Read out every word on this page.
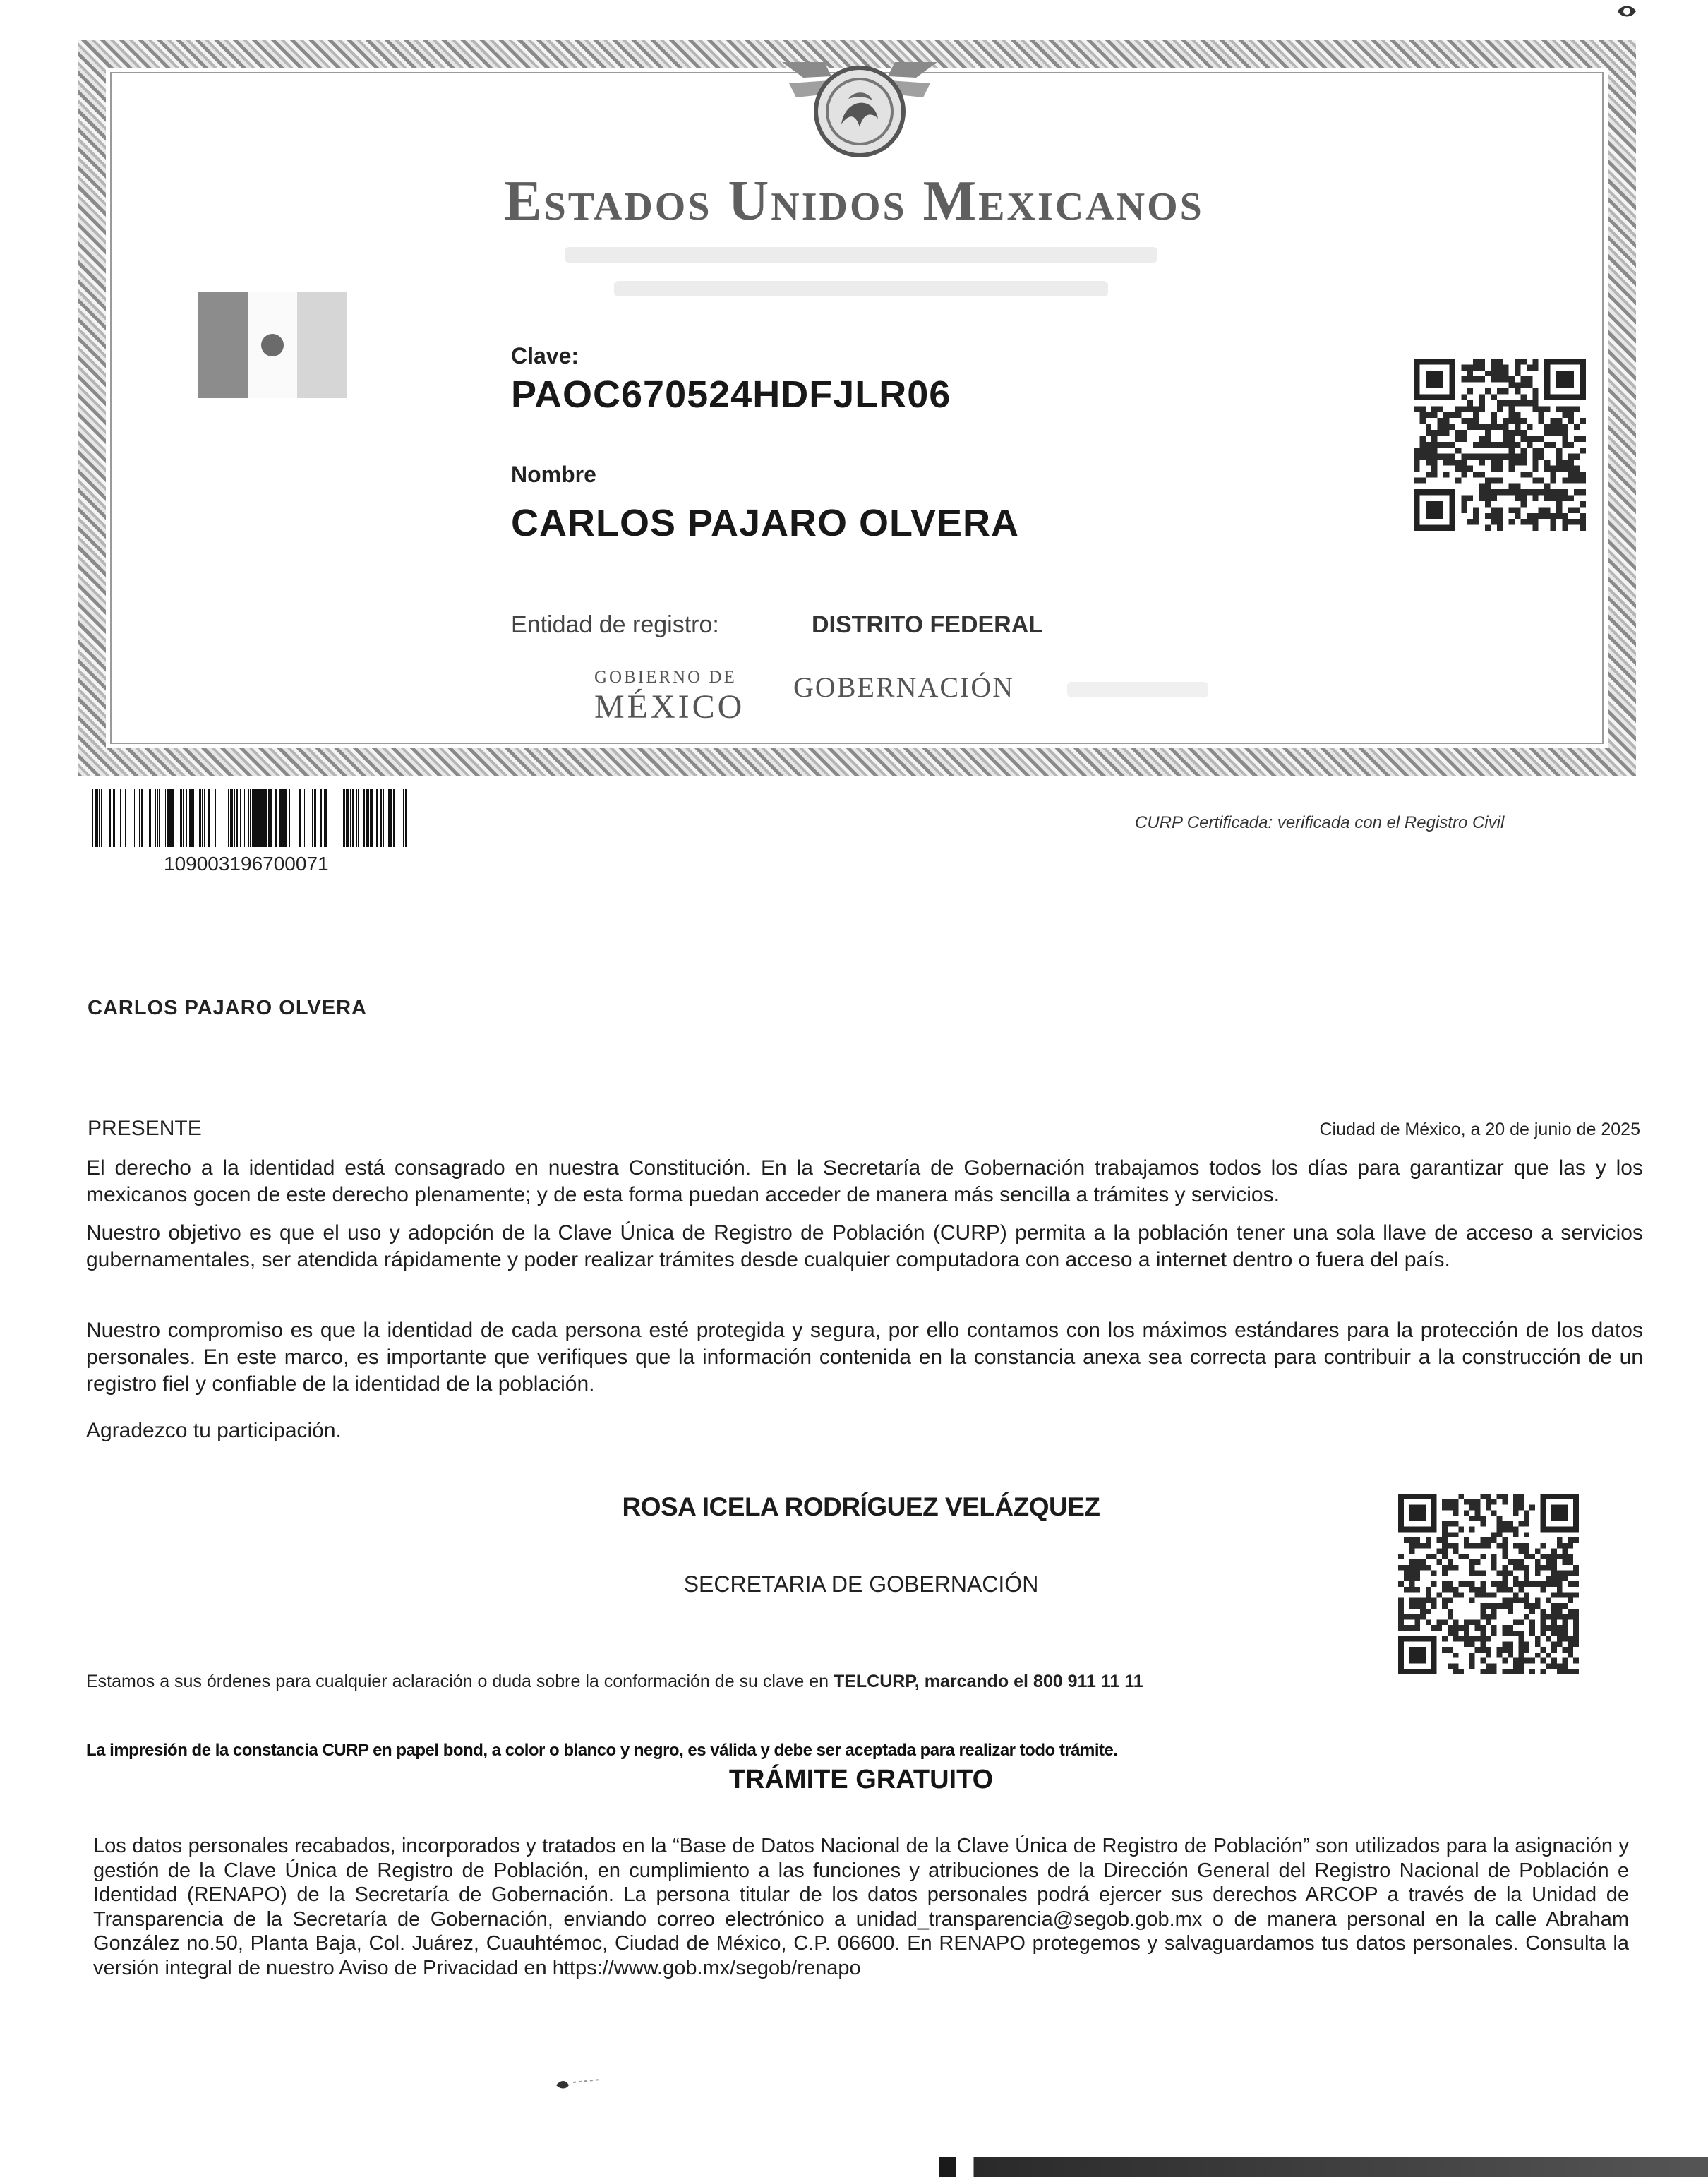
Estados Unidos Mexicanos
Clave:
PAOC670524HDFJLR06
Nombre
CARLOS PAJARO OLVERA
Entidad de registro:	DISTRITO FEDERAL
GOBIERNO DE
MÉXICO
GOBERNACIÓN
109003196700071
CURP Certificada: verificada con el Registro Civil
CARLOS PAJARO OLVERA
PRESENTE	Ciudad de México, a 20 de junio de 2025
El derecho a la identidad está consagrado en nuestra Constitución. En la Secretaría de Gobernación trabajamos todos los días para garantizar que las y los mexicanos gocen de este derecho plenamente; y de esta forma puedan acceder de manera más sencilla a trámites y servicios.
Nuestro objetivo es que el uso y adopción de la Clave Única de Registro de Población (CURP) permita a la población tener una sola llave de acceso a servicios gubernamentales, ser atendida rápidamente y poder realizar trámites desde cualquier computadora con acceso a internet dentro o fuera del país.
Nuestro compromiso es que la identidad de cada persona esté protegida y segura, por ello contamos con los máximos estándares para la protección de los datos personales. En este marco, es importante que verifiques que la información contenida en la constancia anexa sea correcta para contribuir a la construcción de un registro fiel y confiable de la identidad de la población.
Agradezco tu participación.
ROSA ICELA RODRÍGUEZ VELÁZQUEZ
SECRETARIA DE GOBERNACIÓN
Estamos a sus órdenes para cualquier aclaración o duda sobre la conformación de su clave en TELCURP, marcando el 800 911 11 11
La impresión de la constancia CURP en papel bond, a color o blanco y negro, es válida y debe ser aceptada para realizar todo trámite.
TRÁMITE GRATUITO
Los datos personales recabados, incorporados y tratados en la “Base de Datos Nacional de la Clave Única de Registro de Población” son utilizados para la asignación y gestión de la Clave Única de Registro de Población, en cumplimiento a las funciones y atribuciones de la Dirección General del Registro Nacional de Población e Identidad (RENAPO) de la Secretaría de Gobernación. La persona titular de los datos personales podrá ejercer sus derechos ARCOP a través de la Unidad de Transparencia de la Secretaría de Gobernación, enviando correo electrónico a unidad_transparencia@segob.gob.mx o de manera personal en la calle Abraham González no.50, Planta Baja, Col. Juárez, Cuauhtémoc, Ciudad de México, C.P. 06600. En RENAPO protegemos y salvaguardamos tus datos personales. Consulta la versión integral de nuestro Aviso de Privacidad en https://www.gob.mx/segob/renapo
